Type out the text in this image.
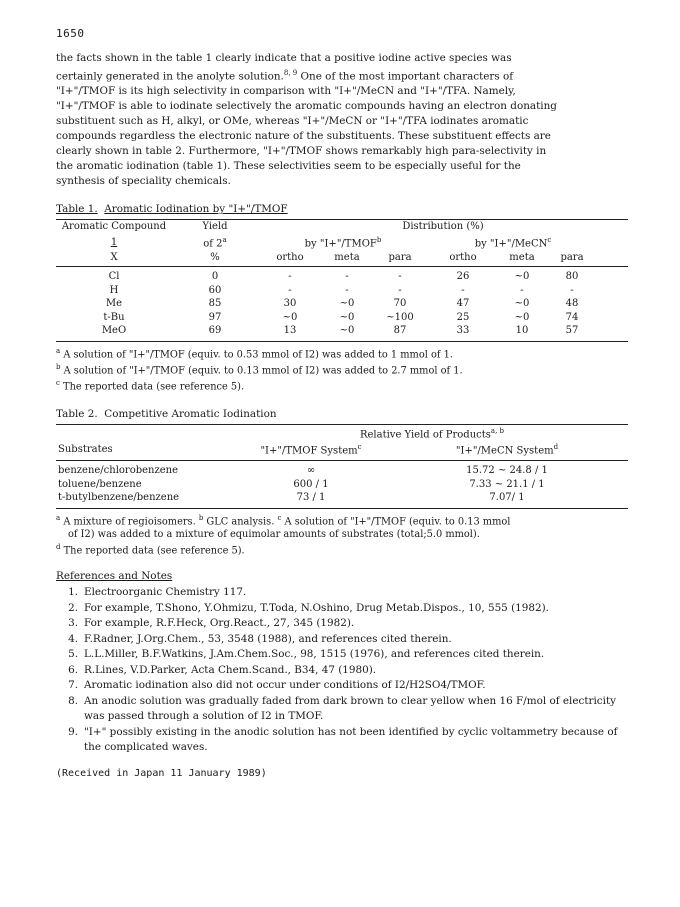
1650
the facts shown in the table 1 clearly indicate that a positive iodine active species was
certainly generated in the anolyte solution.$^{8, 9}$ One of the most important characters of
"I+"/TMOF is its high selectivity in comparison with "I+"/MeCN and "I+"/TFA. Namely,
"I+"/TMOF is able to iodinate selectively the aromatic compounds having an electron donating
substituent such as H, alkyl, or OMe, whereas "I+"/MeCN or "I+"/TFA iodinates aromatic
compounds regardless the electronic nature of the substituents. These substituent effects are
clearly shown in table 2. Furthermore, "I+"/TMOF shows remarkably high para-selectivity in
the aromatic iodination (table 1). These selectivities seem to be especially useful for the
synthesis of speciality chemicals.
Table 1. Aromatic Iodination by "I+"/TMOF
Aromatic Compound	Yield	Distribution (%)						
1	of 2$^a$	by "$I+"/TMOF^b$			by "I+"/MeCN$^c$	
X	%	ortho	meta	para	ortho	meta	para	
Cl	0	-	-	-	26	~0	80	
H	60	-	-	-	-	-	-	
Me	85	30	~0	70	47	~0	48	
t-Bu	97	~0	~0	~100	25	~0	74	
MeO	69	13	~0	87	33	10	57	
$^a$ A solution of "I+"/TMOF (equiv. to 0.53 mmol of I2) was added to 1 mmol of 1.
$^b$ A solution of "I+"/TMOF (equiv. to 0.13 mmol of I2) was added to 2.7 mmol of 1.
$^c$ The reported data (see reference 5).
Table 2. Competitive Aromatic Iodination
	Relative Yield of Products$^{a, b}$
Substrates	"I+"/TMOF System$^c$	"I+"/MeCN System$^d$
benzene/chlorobenzene	∞	15.72 ~ 24.8 / 1
toluene/benzene	600 / 1	7.33 ~ 21.1 / 1
t-butylbenzene/benzene	73 / 1	7.07/ 1
$^a$ A mixture of regioisomers. $^b$ GLC analysis. $^c$ A solution of "I+"/TMOF (equiv. to 0.13 mmol
of I2) was added to a mixture of equimolar amounts of substrates (total;5.0 mmol).
$^d$ The reported data (see reference 5).
References and Notes
1. Electroorganic Chemistry 117.
2. For example, T.Shono, Y.Ohmizu, T.Toda, N.Oshino, Drug Metab.Dispos., 10, 555 (1982).
3. For example, R.F.Heck, Org.React., 27, 345 (1982).
4. F.Radner, J.Org.Chem., 53, 3548 (1988), and references cited therein.
5. L.L.Miller, B.F.Watkins, J.Am.Chem.Soc., 98, 1515 (1976), and references cited therein.
6. R.Lines, V.D.Parker, Acta Chem.Scand., B34, 47 (1980).
7. Aromatic iodination also did not occur under conditions of I2/H2SO4/TMOF.
8. An anodic solution was gradually faded from dark brown to clear yellow when 16 F/mol of electricity was passed through a solution of I2 in TMOF.
9. "I+" possibly existing in the anodic solution has not been identified by cyclic voltammetry because of the complicated waves.
(Received in Japan 11 January 1989)
